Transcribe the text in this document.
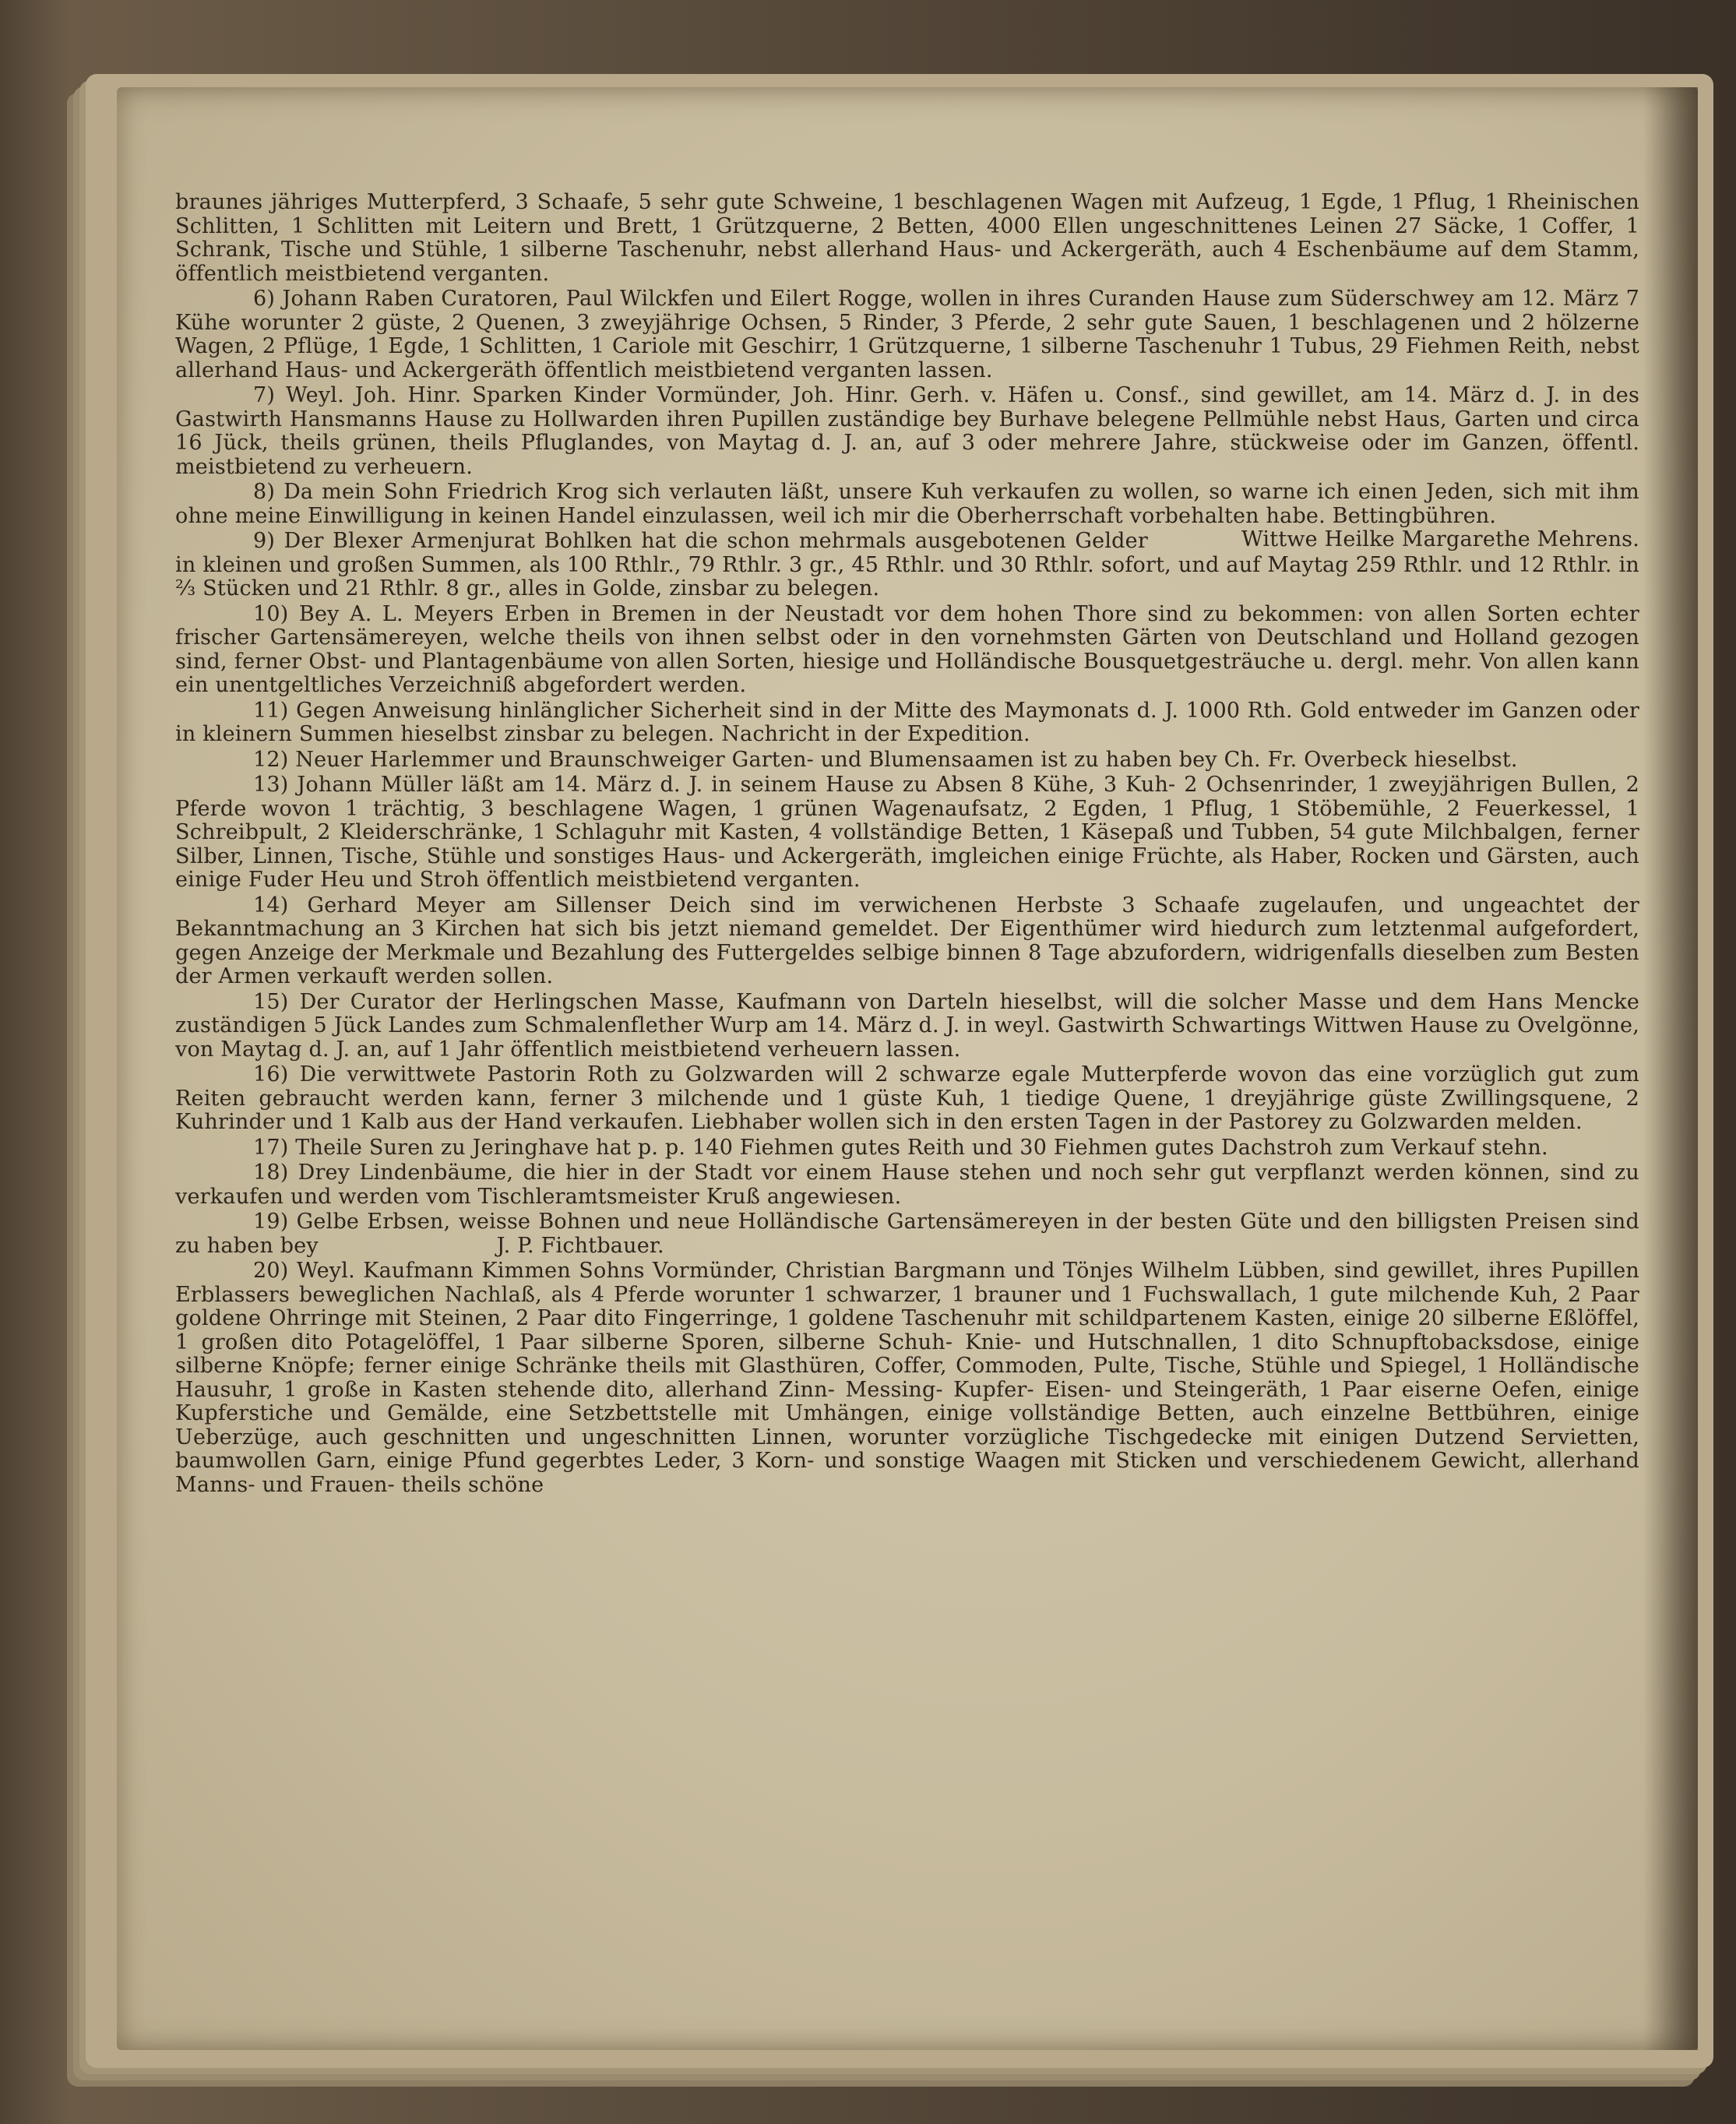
braunes jähriges Mutterpferd, 3 Schaafe, 5 sehr gute Schweine, 1 beschlagenen Wagen mit Aufzeug, 1 Egde, 1 Pflug, 1 Rheinischen Schlitten, 1 Schlitten mit Leitern und Brett, 1 Grützquerne, 2 Betten, 4000 Ellen ungeschnittenes Leinen 27 Säcke, 1 Coffer, 1 Schrank, Tische und Stühle, 1 silberne Taschenuhr, nebst allerhand Haus- und Ackergeräth, auch 4 Eschenbäume auf dem Stamm, öffentlich meistbietend verganten.

6) Johann Raben Curatoren, Paul Wilckfen und Eilert Rogge, wollen in ihres Curanden Hause zum Süderschwey am 12. März 7 Kühe worunter 2 güste, 2 Quenen, 3 zweyjährige Ochsen, 5 Rinder, 3 Pferde, 2 sehr gute Sauen, 1 beschlagenen und 2 hölzerne Wagen, 2 Pflüge, 1 Egde, 1 Schlitten, 1 Cariole mit Geschirr, 1 Grützquerne, 1 silberne Taschenuhr 1 Tubus, 29 Fiehmen Reith, nebst allerhand Haus- und Ackergeräth öffentlich meistbietend verganten lassen.

7) Weyl. Joh. Hinr. Sparken Kinder Vormünder, Joh. Hinr. Gerh. v. Häfen u. Consf., sind gewillet, am 14. März d. J. in des Gastwirth Hansmanns Hause zu Hollwarden ihren Pupillen zuständige bey Burhave belegene Pellmühle nebst Haus, Garten und circa 16 Jück, theils grünen, theils Pfluglandes, von Maytag d. J. an, auf 3 oder mehrere Jahre, stückweise oder im Ganzen, öffentl. meistbietend zu verheuern.

8) Da mein Sohn Friedrich Krog sich verlauten läßt, unsere Kuh verkaufen zu wollen, so warne ich einen Jeden, sich mit ihm ohne meine Einwilligung in keinen Handel einzulassen, weil ich mir die Oberherrschaft vorbehalten habe. Bettingbühren.
Wittwe Heilke Margarethe Mehrens.

9) Der Blexer Armenjurat Bohlken hat die schon mehrmals ausgebotenen Gelder in kleinen und großen Summen, als 100 Rthlr., 79 Rthlr. 3 gr., 45 Rthlr. und 30 Rthlr. sofort, und auf Maytag 259 Rthlr. und 12 Rthlr. in ⅔ Stücken und 21 Rthlr. 8 gr., alles in Golde, zinsbar zu belegen.

10) Bey A. L. Meyers Erben in Bremen in der Neustadt vor dem hohen Thore sind zu bekommen: von allen Sorten echter frischer Gartensämereyen, welche theils von ihnen selbst oder in den vornehmsten Gärten von Deutschland und Holland gezogen sind, ferner Obst- und Plantagenbäume von allen Sorten, hiesige und Holländische Bousquetgesträuche u. dergl. mehr. Von allen kann ein unentgeltliches Verzeichniß abgefordert werden.

11) Gegen Anweisung hinlänglicher Sicherheit sind in der Mitte des Maymonats d. J. 1000 Rth. Gold entweder im Ganzen oder in kleinern Summen hieselbst zinsbar zu belegen. Nachricht in der Expedition.

12) Neuer Harlemmer und Braunschweiger Garten- und Blumensaamen ist zu haben bey Ch. Fr. Overbeck hieselbst.

13) Johann Müller läßt am 14. März d. J. in seinem Hause zu Absen 8 Kühe, 3 Kuh- 2 Ochsenrinder, 1 zweyjährigen Bullen, 2 Pferde wovon 1 trächtig, 3 beschlagene Wagen, 1 grünen Wagenaufsatz, 2 Egden, 1 Pflug, 1 Stöbemühle, 2 Feuerkessel, 1 Schreibpult, 2 Kleiderschränke, 1 Schlaguhr mit Kasten, 4 vollständige Betten, 1 Käsepaß und Tubben, 54 gute Milchbalgen, ferner Silber, Linnen, Tische, Stühle und sonstiges Haus- und Ackergeräth, imgleichen einige Früchte, als Haber, Rocken und Gärsten, auch einige Fuder Heu und Stroh öffentlich meistbietend verganten.

14) Gerhard Meyer am Sillenser Deich sind im verwichenen Herbste 3 Schaafe zugelaufen, und ungeachtet der Bekanntmachung an 3 Kirchen hat sich bis jetzt niemand gemeldet. Der Eigenthümer wird hiedurch zum letztenmal aufgefordert, gegen Anzeige der Merkmale und Bezahlung des Futtergeldes selbige binnen 8 Tage abzufordern, widrigenfalls dieselben zum Besten der Armen verkauft werden sollen.

15) Der Curator der Herlingschen Masse, Kaufmann von Darteln hieselbst, will die solcher Masse und dem Hans Mencke zuständigen 5 Jück Landes zum Schmalenflether Wurp am 14. März d. J. in weyl. Gastwirth Schwartings Wittwen Hause zu Ovelgönne, von Maytag d. J. an, auf 1 Jahr öffentlich meistbietend verheuern lassen.

16) Die verwittwete Pastorin Roth zu Golzwarden will 2 schwarze egale Mutterpferde wovon das eine vorzüglich gut zum Reiten gebraucht werden kann, ferner 3 milchende und 1 güste Kuh, 1 tiedige Quene, 1 dreyjährige güste Zwillingsquene, 2 Kuhrinder und 1 Kalb aus der Hand verkaufen. Liebhaber wollen sich in den ersten Tagen in der Pastorey zu Golzwarden melden.

17) Theile Suren zu Jeringhave hat p. p. 140 Fiehmen gutes Reith und 30 Fiehmen gutes Dachstroh zum Verkauf stehn.

18) Drey Lindenbäume, die hier in der Stadt vor einem Hause stehen und noch sehr gut verpflanzt werden können, sind zu verkaufen und werden vom Tischleramtsmeister Kruß angewiesen.

19) Gelbe Erbsen, weisse Bohnen und neue Holländische Gartensämereyen in der besten Güte und den billigsten Preisen sind zu haben bey	J. P. Fichtbauer.

20) Weyl. Kaufmann Kimmen Sohns Vormünder, Christian Bargmann und Tönjes Wilhelm Lübben, sind gewillet, ihres Pupillen Erblassers beweglichen Nachlaß, als 4 Pferde worunter 1 schwarzer, 1 brauner und 1 Fuchswallach, 1 gute milchende Kuh, 2 Paar goldene Ohrringe mit Steinen, 2 Paar dito Fingerringe, 1 goldene Taschenuhr mit schildpartenem Kasten, einige 20 silberne Eßlöffel, 1 großen dito Potagelöffel, 1 Paar silberne Sporen, silberne Schuh- Knie- und Hutschnallen, 1 dito Schnupftobacksdose, einige silberne Knöpfe; ferner einige Schränke theils mit Glasthüren, Coffer, Commoden, Pulte, Tische, Stühle und Spiegel, 1 Holländische Hausuhr, 1 große in Kasten stehende dito, allerhand Zinn- Messing- Kupfer- Eisen- und Steingeräth, 1 Paar eiserne Oefen, einige Kupferstiche und Gemälde, eine Setzbettstelle mit Umhängen, einige vollständige Betten, auch einzelne Bettbühren, einige Ueberzüge, auch geschnitten und ungeschnitten Linnen, worunter vorzügliche Tischgedecke mit einigen Dutzend Servietten, baumwollen Garn, einige Pfund gegerbtes Leder, 3 Korn- und sonstige Waagen mit Sticken und verschiedenem Gewicht, allerhand Manns- und Frauen- theils schöne
